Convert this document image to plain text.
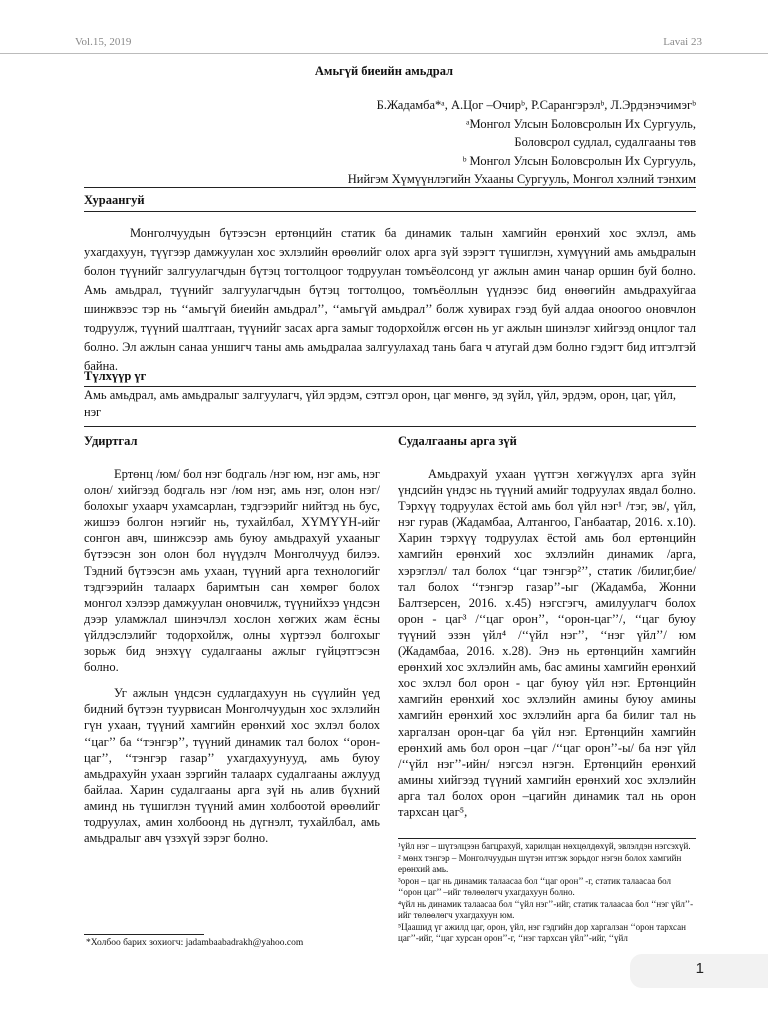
Vol.15, 2019	Lavai 23
Амьгүй биеийн амьдрал
Б.Жадамба*ᵃ, А.Цог –Очирᵇ, Р.Сарангэрэлᵇ, Л.Эрдэнэчимэгᵇ
ᵃМонгол Улсын Боловсролын Их Сургууль,
Боловсрол судлал, судалгааны төв
ᵇ Монгол Улсын Боловсролын Их Сургууль,
Нийгэм Хүмүүнлэгийн Ухааны Сургууль, Монгол хэлний тэнхим
Хураангуй

Монголчуудын бүтээсэн ертөнцийн статик ба динамик талын хамгийн ерөнхий хос эхлэл, амь ухагдахуун, түүгээр дамжуулан хос эхлэлийн өрөөлийг олох арга зүй зэрэгт түшиглэн, хүмүүний амь амьдралын болон түүнийг залгуулагчдын бүтэц тогтолцоог тодруулан томъёолсонд уг ажлын амин чанар оршин буй болно. Амь амьдрал, түүнийг залгуулагчдын бүтэц тогтолцоо, томъёоллын үүднээс бид өнөөгийн амьдрахуйгаа шинжвээс тэр нь ‘‘амьгүй биеийн амьдрал’’, ‘‘амьгүй амьдрал’’ болж хувирах гээд буй алдаа оноогоо оновчлон тодруулж, түүний шалтгаан, түүнийг засах арга замыг тодорхойлж өгсөн нь уг ажлын шинэлэг хийгээд онцлог тал болно. Эл ажлын санаа уншигч таны амь амьдралаа залгуулахад тань бага ч атугай дэм болно гэдэгт бид итгэлтэй байна.

Түлхүүр үг
Амь амьдрал, амь амьдралыг залгуулагч, үйл эрдэм, сэтгэл орон, цаг мөнгө, эд зүйл, үйл, эрдэм, орон, цаг, үйл, нэг
Удиртгал	Судалгааны арга зүй

Ертөнц /юм/ бол нэг бодгаль /нэг юм, нэг амь, нэг олон/ хийгээд бодгаль нэг /юм нэг, амь нэг, олон нэг/ болохыг ухаарч ухамсарлан, тэдгээрийг нийтэд нь бус, жишээ болгон нэгийг нь, тухайлбал, ХҮМҮҮН-ийг сонгон авч, шинжсээр амь буюу амьдрахуй ухааныг бүтээсэн зон олон бол нүүдэлч Монголчууд билээ. Тэдний бүтээсэн амь ухаан, түүний арга технологийг тэдгээрийн талаарх баримтын сан хөмрөг болох монгол хэлээр дамжуулан оновчилж, түүнийхээ үндсэн дээр уламжлал шинэчлэл хослон хөгжих жам ёсны үйлдэслэлийг тодорхойлж, олны хүртээл болгохыг зорьж бид энэхүү судалгааны ажлыг гүйцэтгэсэн болно.

Уг ажлын үндсэн судлагдахуун нь сүүлийн үед бидний бүтээн туурвисан Монголчуудын хос эхлэлийн гүн ухаан, түүний хамгийн ерөнхий хос эхлэл болох ‘‘цаг’’ ба ‘‘тэнгэр’’, түүний динамик тал болох ‘‘орон-цаг’’, ‘‘тэнгэр газар’’ ухагдахуунууд, амь буюу амьдрахуйн ухаан зэргийн талаарх судалгааны ажлууд байлаа. Харин судалгааны арга зүй нь алив бүхний аминд нь түшиглэн түүний амин холбоотой өрөөлийг тодруулах, амин холбоонд нь дүгнэлт, тухайлбал, амь амьдралыг авч үзэхүй зэрэг болно.

Амьдрахуй ухаан үүтгэн хөгжүүлэх арга зүйн үндсийн үндэс нь түүний амийг тодруулах явдал болно. Тэрхүү тодруулах ёстой амь бол үйл нэг¹ /тэг, эв/, үйл, нэг гурав (Жадамбаа, Алтангоо, Ганбаатар, 2016. х.10). Харин тэрхүү тодруулах ёстой амь бол ертөнцийн хамгийн ерөнхий хос эхлэлийн динамик /арга, хэрэглэл/ тал болох ‘‘цаг тэнгэр²’’, статик /билиг,бие/ тал болох ‘‘тэнгэр газар’’-ыг (Жадамба, Жонни Балтзерсен, 2016. х.45) нэгсгэгч, амилуулагч болох орон - цаг³ /‘‘цаг орон’’, ‘‘орон-цаг’’/, ‘‘цаг буюу түүний эзэн үйл⁴ /‘‘үйл нэг’’, ‘‘нэг үйл’’/ юм (Жадамбаа, 2016. х.28). Энэ нь ертөнцийн хамгийн ерөнхий хос эхлэлийн амь, бас амины хамгийн ерөнхий хос эхлэл бол орон - цаг буюу үйл нэг. Ертөнцийн хамгийн ерөнхий хос эхлэлийн амины буюу амины хамгийн ерөнхий хос эхлэлийн арга ба билиг тал нь харгалзан орон-цаг ба үйл нэг. Ертөнцийн хамгийн ерөнхий амь бол орон –цаг /‘‘цаг орон’’-ы/ ба нэг үйл /‘‘үйл нэг’’-ийн/ нэгсэл нэгэн. Ертөнцийн ерөнхий амины хийгээд түүний хамгийн ерөнхий хос эхлэлийн арга тал болох орон –цагийн динамик тал нь орон тархсан цаг⁵,

*Холбоо барих зохиогч: jadambaabadrakh@yahoo.com
¹үйл нэг – шүтэлцээн багцрахуй, харилцан нөхцөлдөхүй, эвлэлдэн нэгсэхүй.
² мөнх тэнгэр – Монголчуудын шүтэн итгэж зорьдог нэгэн болох хамгийн ерөнхий амь.
³орон – цаг нь динамик талаасаа бол ‘‘цаг орон’’ -г, статик талаасаа бол ‘‘орон цаг’’ –ийг төлөөлөгч ухагдахуун болно.
⁴үйл нь динамик талаасаа бол ‘‘үйл нэг’’-ийг, статик талаасаа бол ‘‘нэг үйл’’-ийг төлөөлөгч ухагдахуун юм.
⁵Цаашид үг ажилд цаг, орон, үйл, нэг гэдгийн дор харгалзан ‘‘орон тархсан цаг’’-ийг, ‘‘цаг хурсан орон’’-г, ‘‘нэг тархсан үйл’’-ийг, ‘‘үйл
1
